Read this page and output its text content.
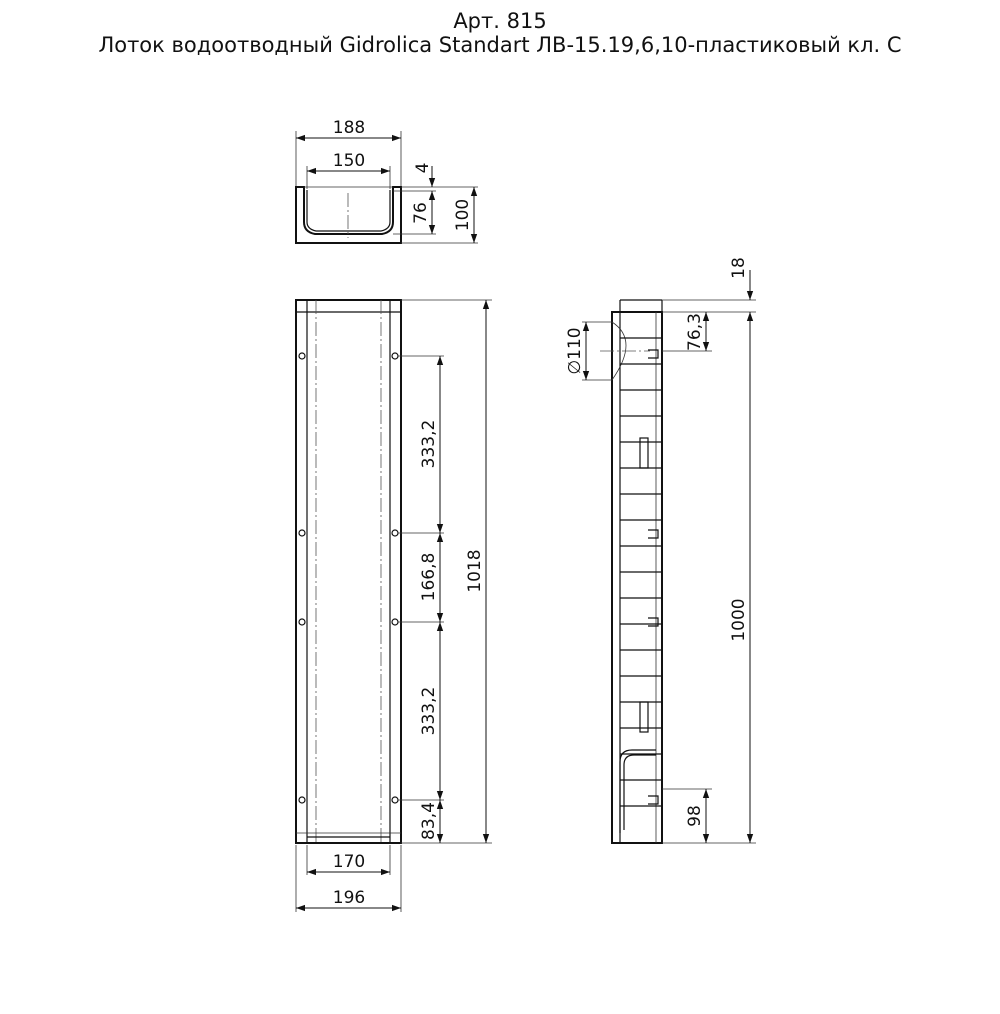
Арт. 815
Лоток водоотводный Gidrolica Standart ЛВ-15.19,6,10-пластиковый кл. С
188
150	4
76 100
1018
333,2
166,8
333,2
83,4
170
196
18
1000
76,3
98
∅110
